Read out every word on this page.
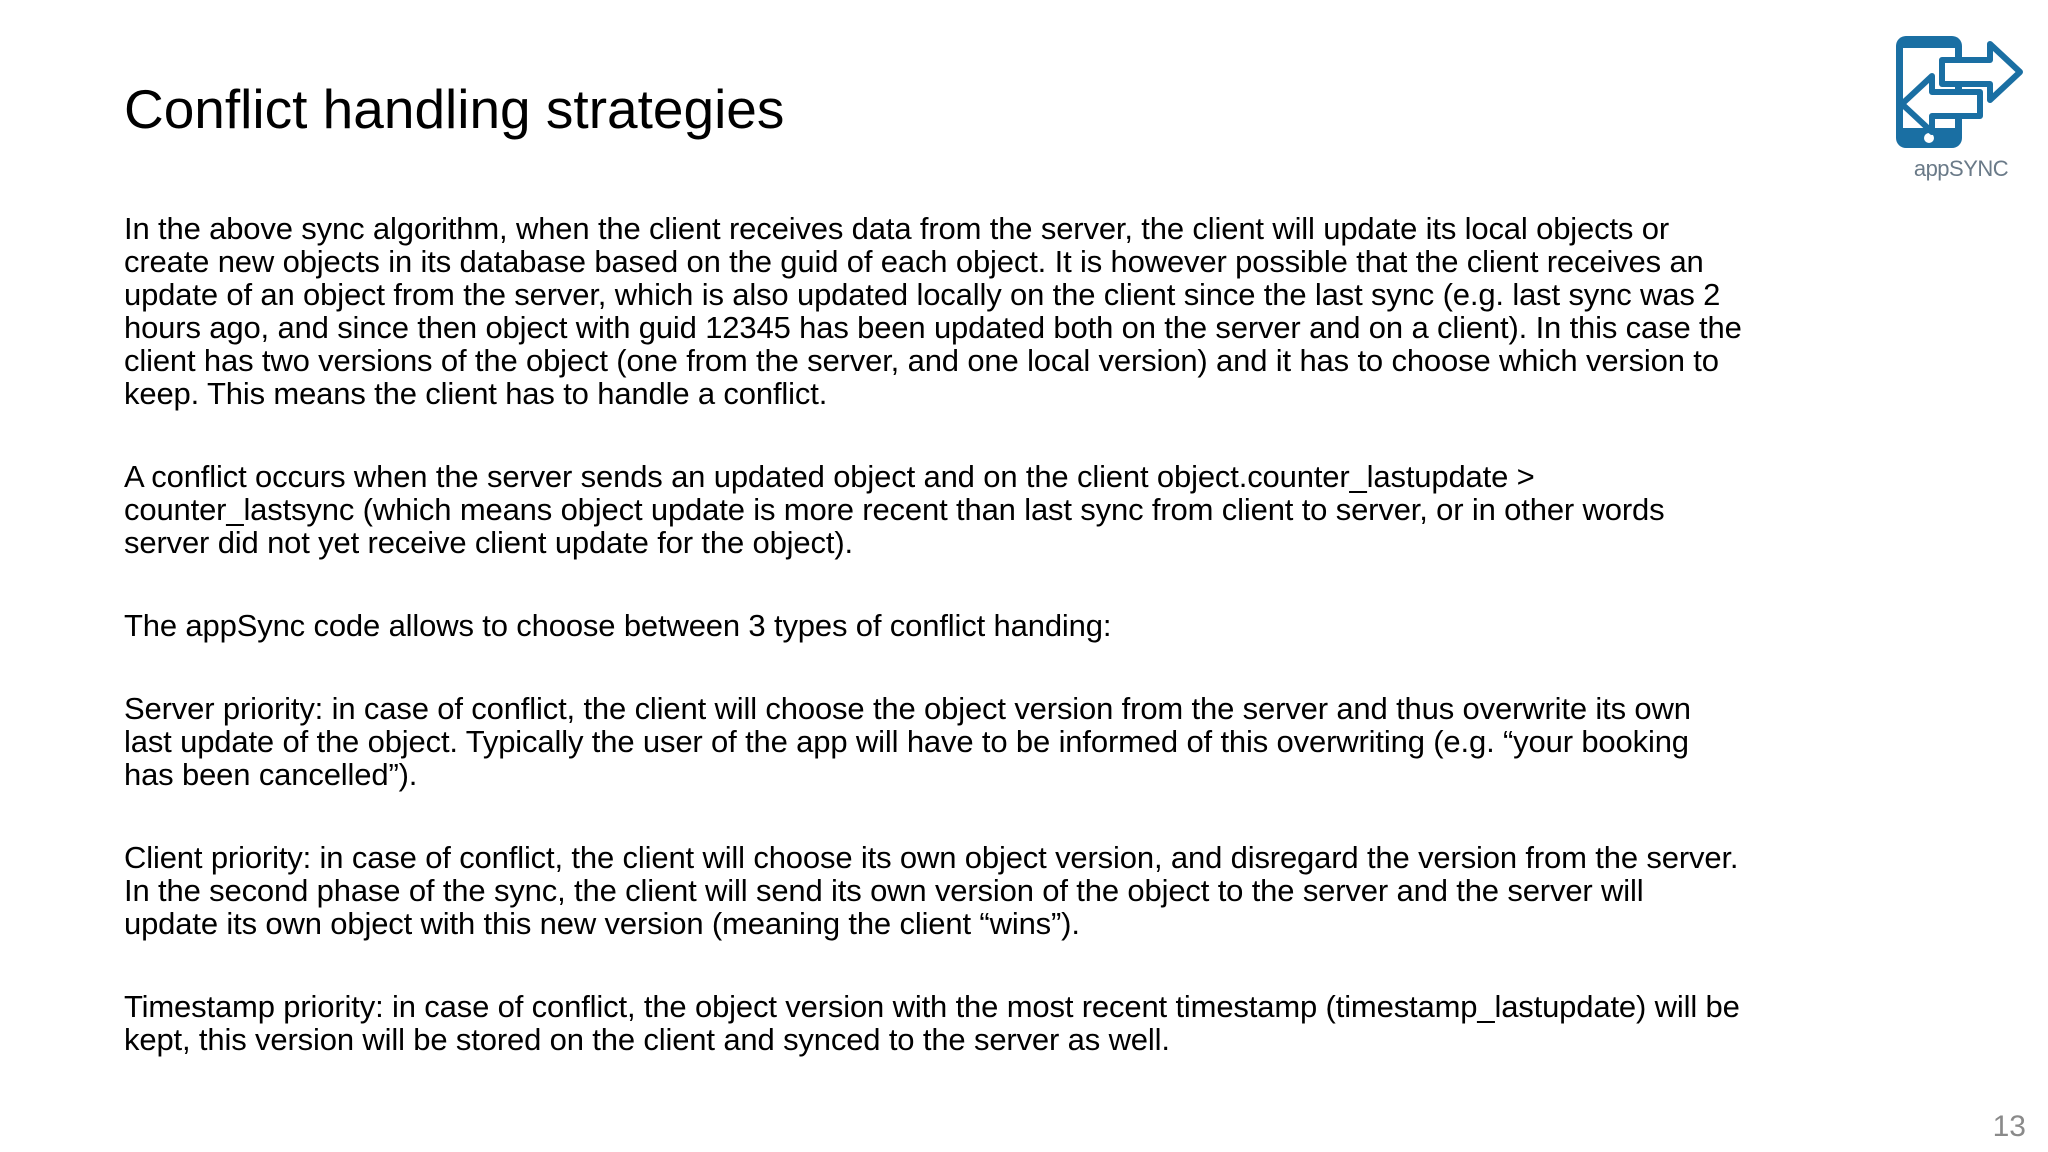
Conflict handling strategies
appSYNC

In the above sync algorithm, when the client receives data from the server, the client will update its local objects or
create new objects in its database based on the guid of each object. It is however possible that the client receives an
update of an object from the server, which is also updated locally on the client since the last sync (e.g. last sync was 2
hours ago, and since then object with guid 12345 has been updated both on the server and on a client). In this case the
client has two versions of the object (one from the server, and one local version) and it has to choose which version to
keep. This means the client has to handle a conflict.

A conflict occurs when the server sends an updated object and on the client object.counter_lastupdate >
counter_lastsync (which means object update is more recent than last sync from client to server, or in other words
server did not yet receive client update for the object).

The appSync code allows to choose between 3 types of conflict handing:

Server priority: in case of conflict, the client will choose the object version from the server and thus overwrite its own
last update of the object. Typically the user of the app will have to be informed of this overwriting (e.g. “your booking
has been cancelled”).

Client priority: in case of conflict, the client will choose its own object version, and disregard the version from the server.
In the second phase of the sync, the client will send its own version of the object to the server and the server will
update its own object with this new version (meaning the client “wins”).

Timestamp priority: in case of conflict, the object version with the most recent timestamp (timestamp_lastupdate) will be
kept, this version will be stored on the client and synced to the server as well.

13
